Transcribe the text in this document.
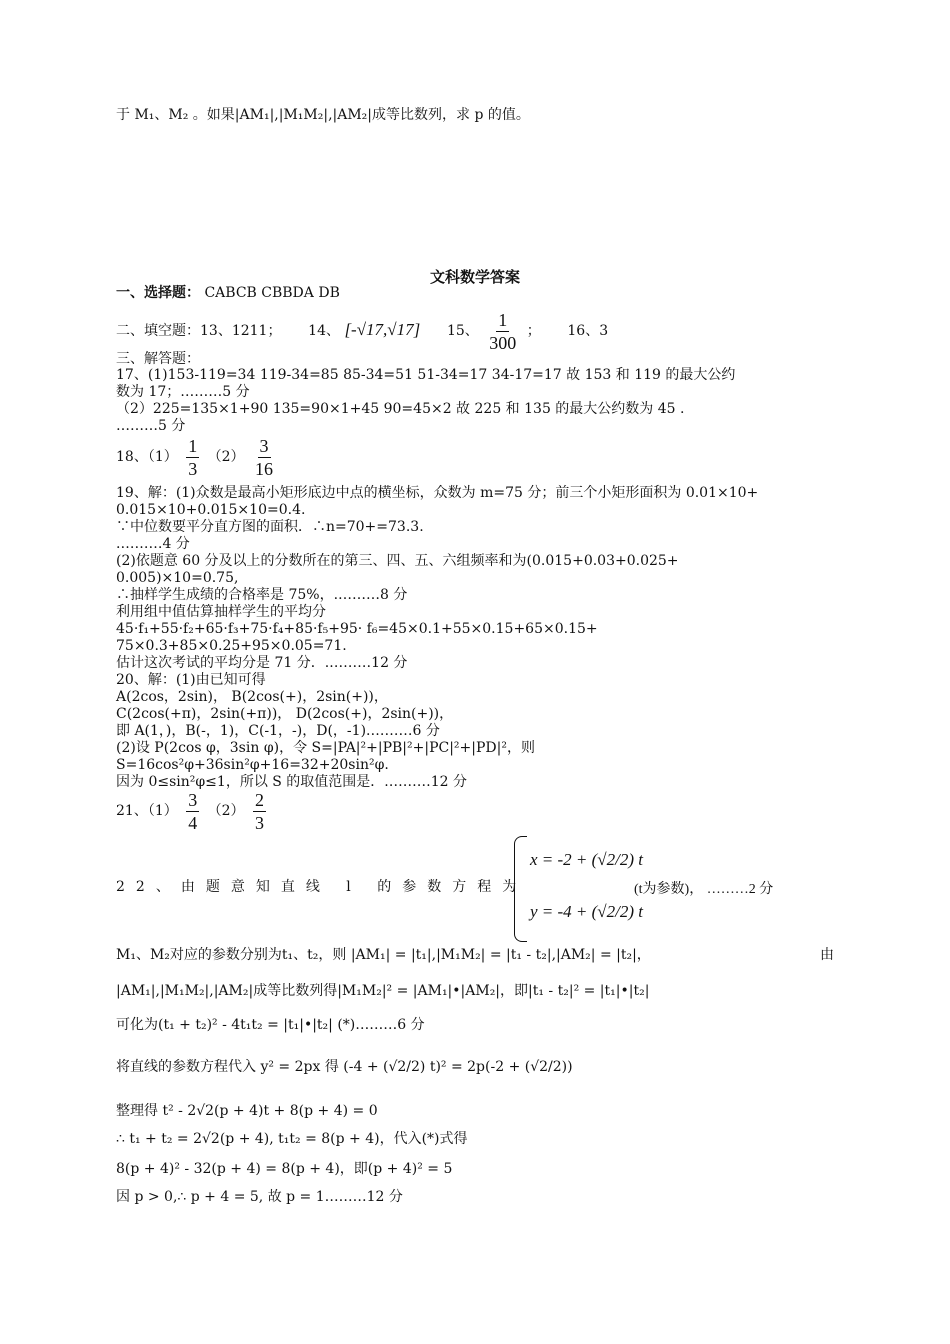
于 M₁、M₂ 。如果|AM₁|,|M₁M₂|,|AM₂|成等比数列，求 p 的值。
文科数学答案
一、选择题： CABCB CBBDA DB
二、填空题：13、1211； 14、 [-√17,√17] 15、 $\frac{1}{300}$ ； 16、3
三、解答题：
17、(1)153-119=34 119-34=85 85-34=51 51-34=17 34-17=17 故 153 和 119 的最大公约
数为 17；………5 分
（2）225=135×1+90 135=90×1+45 90=45×2 故 225 和 135 的最大公约数为 45 .
………5 分
18、$(1) \frac{1}{3} (2) \frac{3}{16}$
19、解：(1)众数是最高小矩形底边中点的横坐标，众数为 m=75 分；前三个小矩形面积为 0.01×10+
0.015×10+0.015×10=0.4.
∵中位数要平分直方图的面积．∴n=70+=73.3.
.………4 分
(2)依题意 60 分及以上的分数所在的第三、四、五、六组频率和为(0.015+0.03+0.025+
0.005)×10=0.75,
∴抽样学生成绩的合格率是 75%，.………8 分
利用组中值估算抽样学生的平均分
45·f₁+55·f₂+65·f₃+75·f₄+85·f₅+95· f₆=45×0.1+55×0.15+65×0.15+
75×0.3+85×0.25+95×0.05=71.
估计这次考试的平均分是 71 分．.………12 分
20、解：(1)由已知可得
A(2cos，2sin)， B(2cos(+)，2sin(+))，
C(2cos(+π)，2sin(+π))， D(2cos(+)，2sin(+))，
即 A(1，)，B(-，1)，C(-1，-)，D(，-1).………6 分
(2)设 P(2cos φ，3sin φ)，令 S=|PA|²+|PB|²+|PC|²+|PD|²，则
S=16cos²φ+36sin²φ+16=32+20sin²φ.
因为 0≤sin²φ≤1，所以 S 的取值范围是．.………12 分
21、$(1) \frac{3}{4} (2) \frac{2}{3}$
22、由题意知直线 l 的参数方程为
x = -2 + (√2/2) t
y = -4 + (√2/2) t
(t为参数)， ………2 分
M₁、M₂对应的参数分别为t₁、t₂，则 |AM₁| = |t₁|,|M₁M₂| = |t₁ - t₂|,|AM₂| = |t₂|，	由
|AM₁|,|M₁M₂|,|AM₂|成等比数列得|M₁M₂|² = |AM₁|•|AM₂|，即|t₁ - t₂|² = |t₁|•|t₂|
可化为(t₁ + t₂)² - 4t₁t₂ = |t₁|•|t₂| (*)………6 分
将直线的参数方程代入 y² = 2px 得 (-4 + (√2/2) t)² = 2p(-2 + (√2/2))
整理得 t² - 2√2(p + 4)t + 8(p + 4) = 0
∴ t₁ + t₂ = 2√2(p + 4), t₁t₂ = 8(p + 4)，代入(*)式得
8(p + 4)² - 32(p + 4) = 8(p + 4)，即(p + 4)² = 5
因 p > 0,∴ p + 4 = 5, 故 p = 1………12 分
